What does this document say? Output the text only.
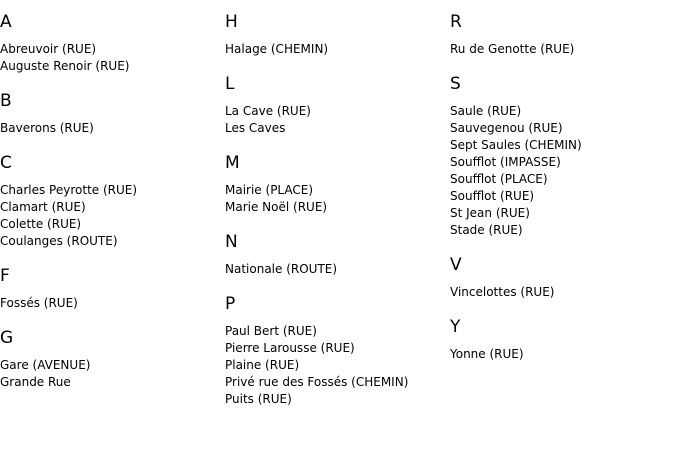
A
Abreuvoir (RUE)
Auguste Renoir (RUE)
B
Baverons (RUE)
C
Charles Peyrotte (RUE)
Clamart (RUE)
Colette (RUE)
Coulanges (ROUTE)
F
Fossés (RUE)
G
Gare (AVENUE)
Grande Rue
H
Halage (CHEMIN)
L
La Cave (RUE)
Les Caves
M
Mairie (PLACE)
Marie Noël (RUE)
N
Nationale (ROUTE)
P
Paul Bert (RUE)
Pierre Larousse (RUE)
Plaine (RUE)
Privé rue des Fossés (CHEMIN)
Puits (RUE)
R
Ru de Genotte (RUE)
S
Saule (RUE)
Sauvegenou (RUE)
Sept Saules (CHEMIN)
Soufflot (IMPASSE)
Soufflot (PLACE)
Soufflot (RUE)
St Jean (RUE)
Stade (RUE)
V
Vincelottes (RUE)
Y
Yonne (RUE)
